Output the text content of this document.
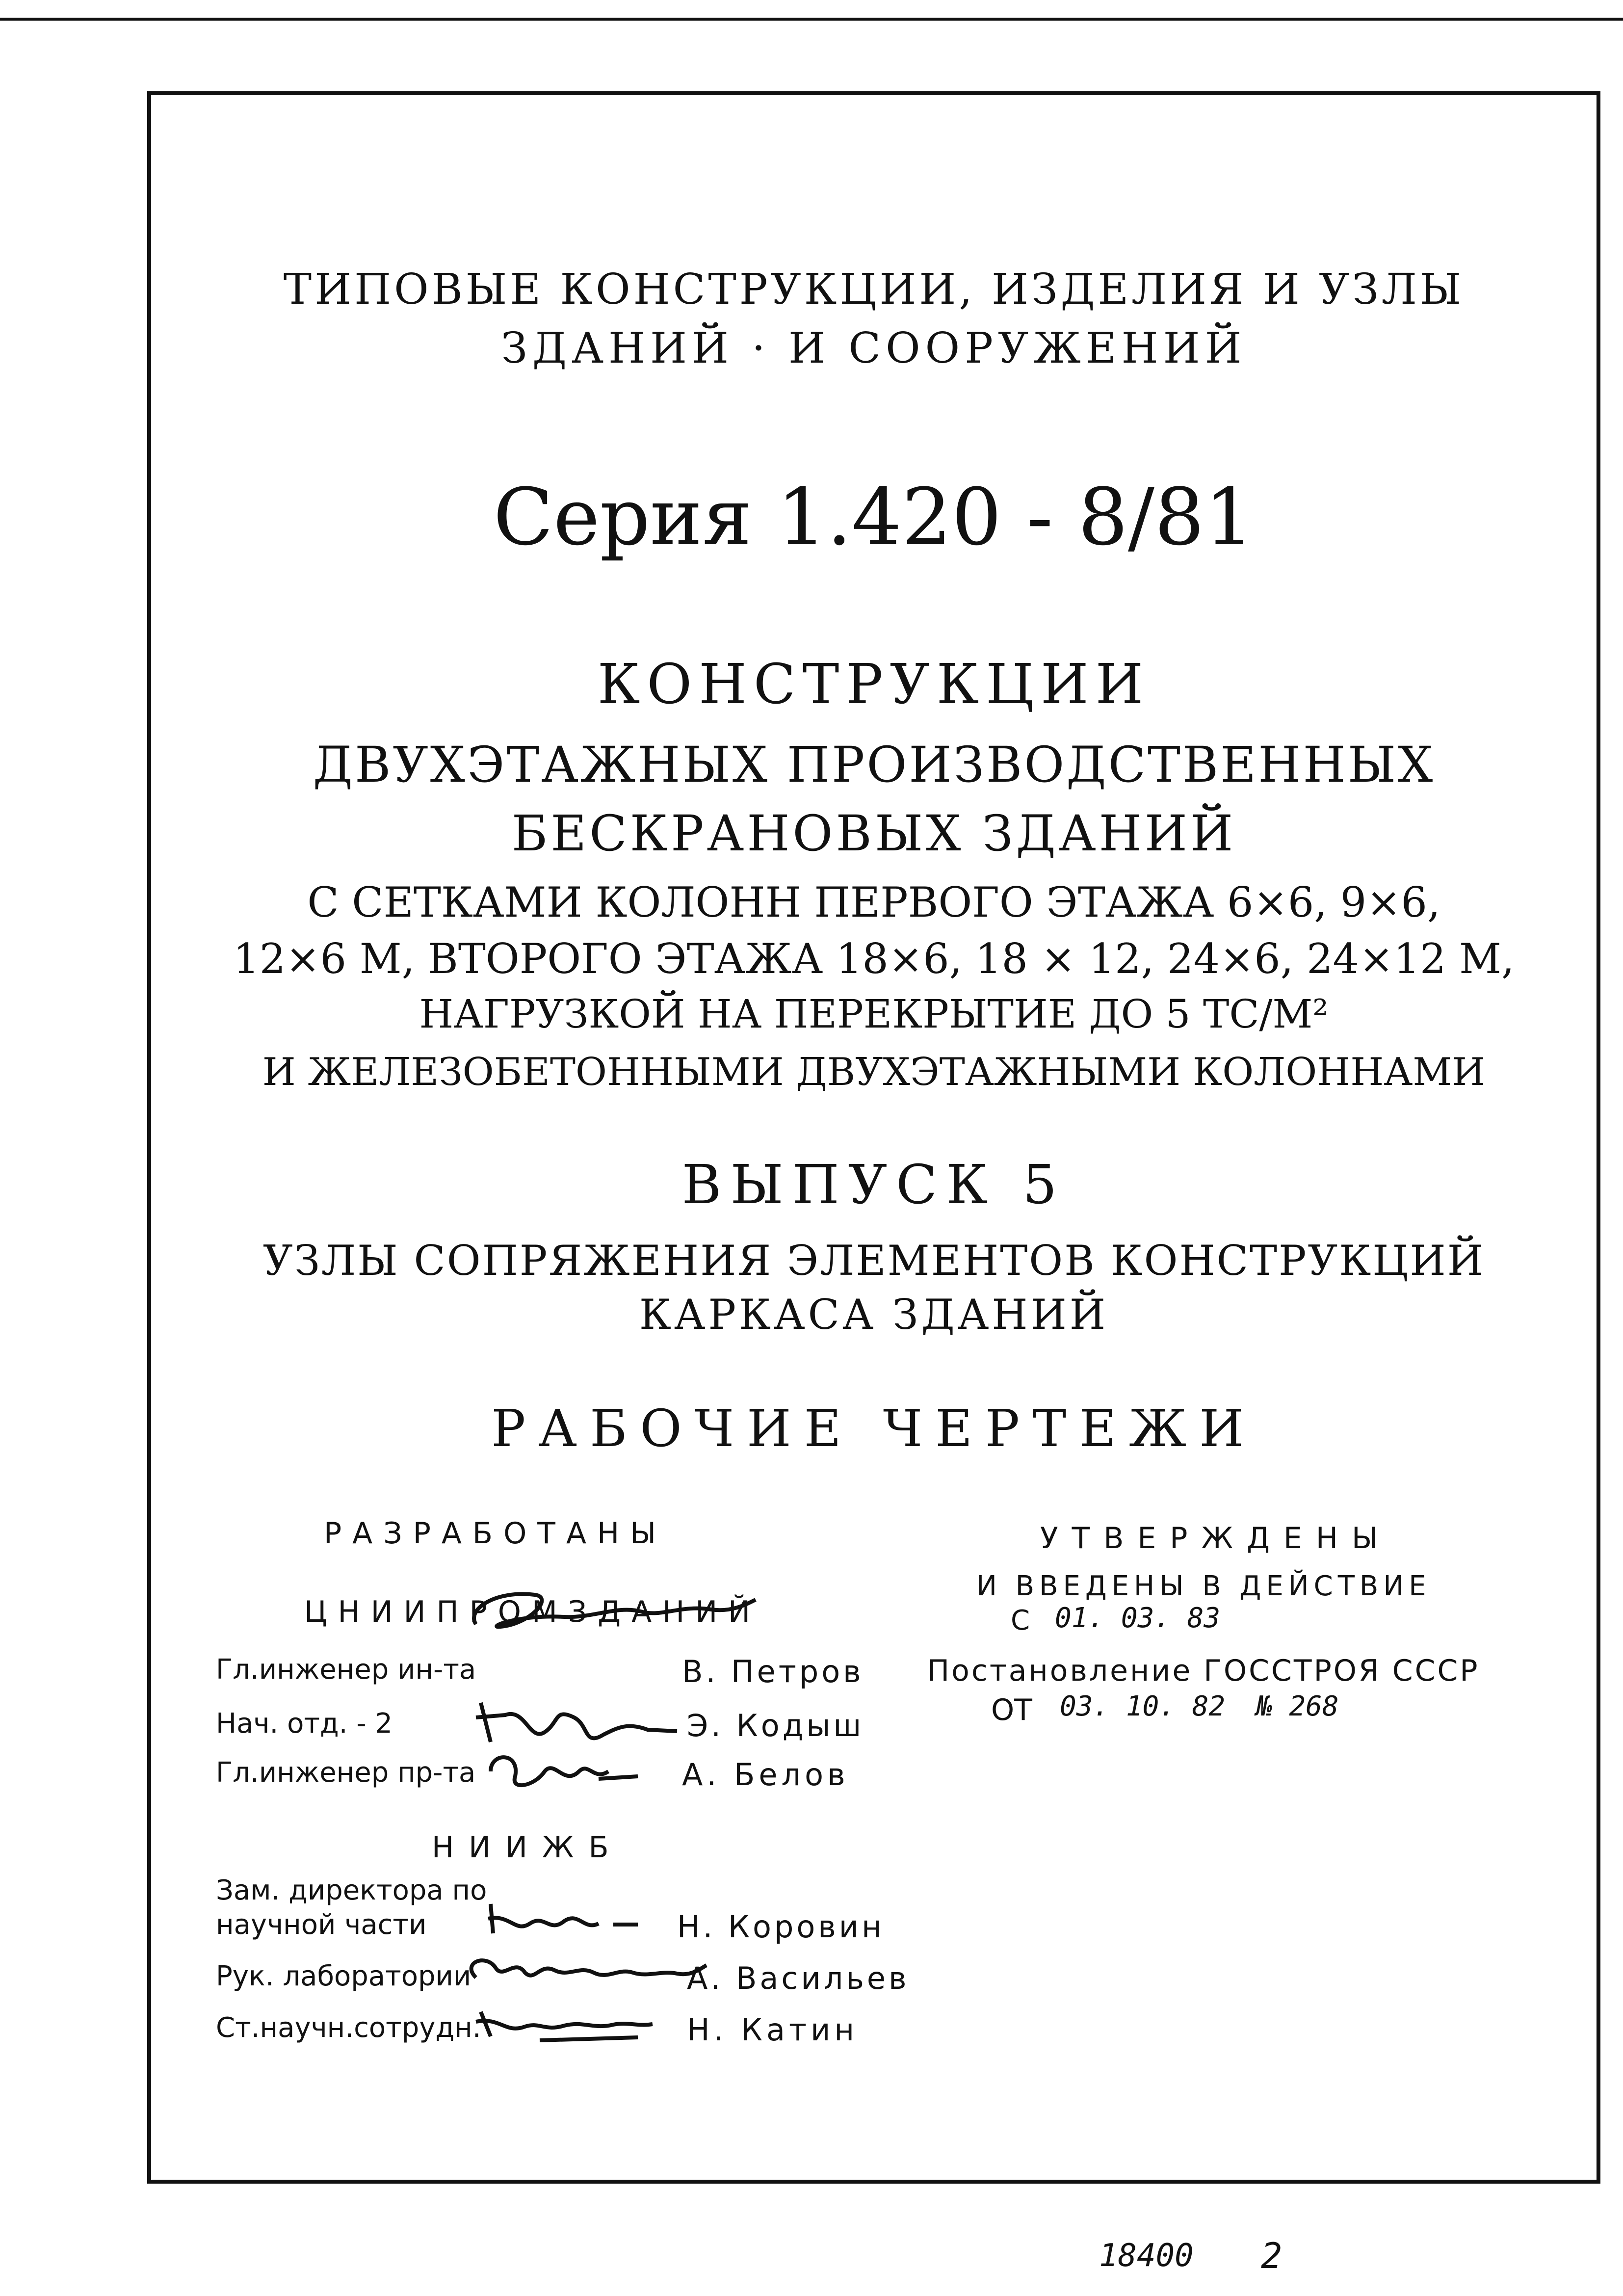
ТИПОВЫЕ КОНСТРУКЦИИ, ИЗДЕЛИЯ И УЗЛЫ
ЗДАНИЙ · И СООРУЖЕНИЙ
Серия 1.420 - 8/81
КОНСТРУКЦИИ
ДВУХЭТАЖНЫХ ПРОИЗВОДСТВЕННЫХ
БЕСКРАНОВЫХ ЗДАНИЙ
С СЕТКАМИ КОЛОНН ПЕРВОГО ЭТАЖА 6×6, 9×6,
12×6 М, ВТОРОГО ЭТАЖА 18×6, 18 × 12, 24×6, 24×12 М,
НАГРУЗКОЙ НА ПЕРЕКРЫТИЕ ДО 5 ТС/М²
И ЖЕЛЕЗОБЕТОННЫМИ ДВУХЭТАЖНЫМИ КОЛОННАМИ
ВЫПУСК 5
УЗЛЫ СОПРЯЖЕНИЯ ЭЛЕМЕНТОВ КОНСТРУКЦИЙ
КАРКАСА ЗДАНИЙ
РАБОЧИЕ ЧЕРТЕЖИ
РАЗРАБОТАНЫ
ЦНИИПРОМЗДАНИЙ
Гл.инженер ин-та	В. Петров
Нач. отд. - 2	Э. Кодыш
Гл.инженер пр-та	А. Белов
НИИЖБ
Зам. директора по
научной части	Н. Коровин
Рук. лаборатории	А. Васильев
Ст.научн.сотрудн.	Н. Катин
УТВЕРЖДЕНЫ
И ВВЕДЕНЫ В ДЕЙСТВИЕ
С 01. 03. 83
Постановление ГОССТРОЯ СССР
ОТ 03. 10. 82 № 268
18400 2
